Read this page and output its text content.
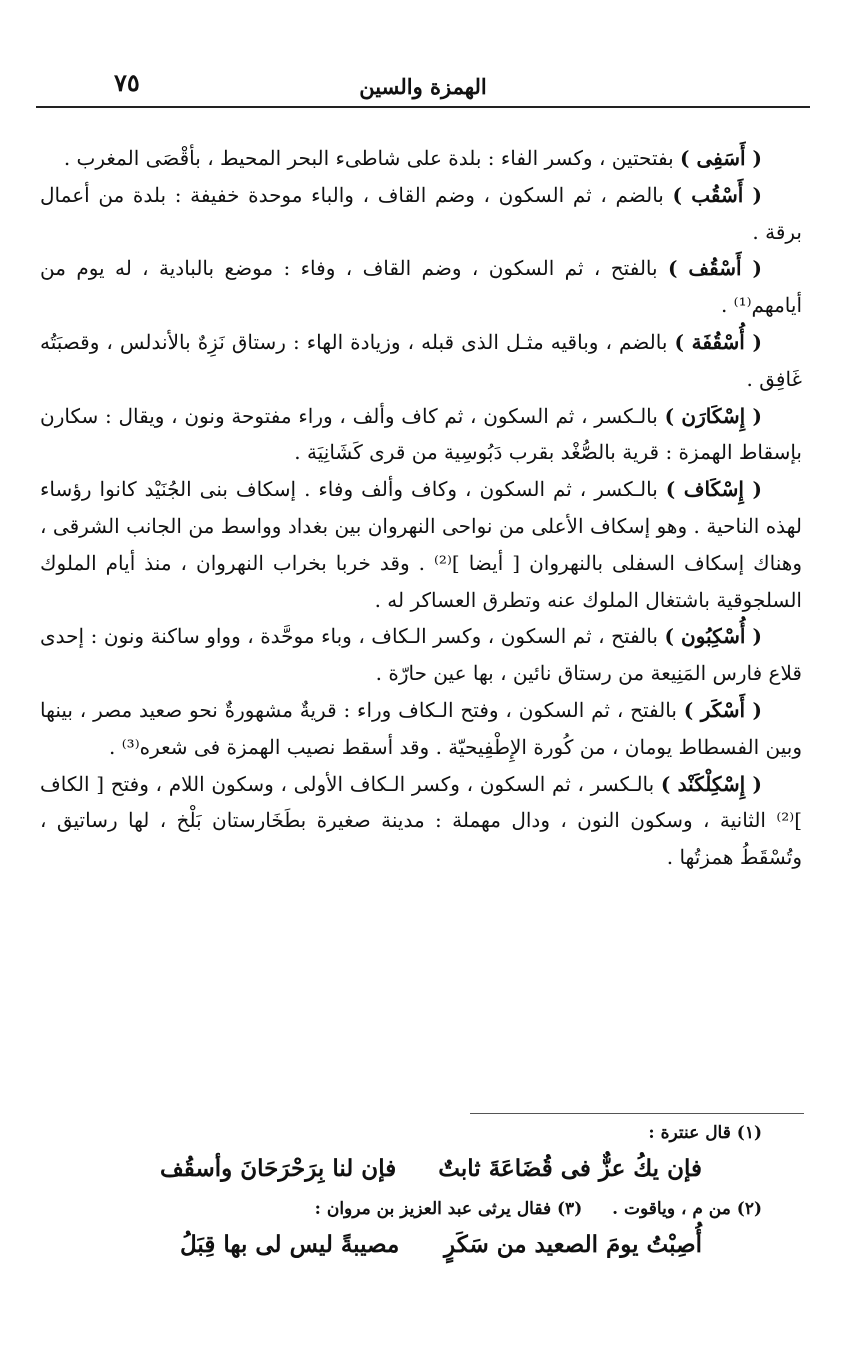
٧٥	الهمزة والسين

( أَسَفِى ) بفتحتين ، وكسر الفاء : بلدة على شاطىء البحر المحيط ، بأقْصَى المغرب .

( أَسْقُب ) بالضم ، ثم السكون ، وضم القاف ، والباء موحدة خفيفة : بلدة من أعمال برقة .

( أَسْقُف ) بالفتح ، ثم السكون ، وضم القاف ، وفاء : موضع بالبادية ، له يوم من أيامهم⁽¹⁾ .

( أُسْقُفَة ) بالضم ، وباقيه مثـل الذى قبله ، وزيادة الهاء : رستاق نَزِهٌ بالأندلس ، وقصبَتُه غَافِق .

( إِسْكَارَن ) بالـكسر ، ثم السكون ، ثم كاف وألف ، وراء مفتوحة ونون ، ويقال : سكارن بإسقاط الهمزة : قرية بالصُّغْد بقرب دَبُوسِية من قرى كَشَانِيَة .

( إِسْكَاف ) بالـكسر ، ثم السكون ، وكاف وألف وفاء . إسكاف بنى الجُنَيْد كانوا رؤساء لهذه الناحية . وهو إسكاف الأعلى من نواحى النهروان بين بغداد وواسط من الجانب الشرقى ، وهناك إسكاف السفلى بالنهروان [ أيضا ]⁽²⁾ . وقد خربا بخراب النهروان ، منذ أيام الملوك السلجوقية باشتغال الملوك عنه وتطرق العساكر له .

( أُسْكِبُون ) بالفتح ، ثم السكون ، وكسر الـكاف ، وباء موحَّدة ، وواو ساكنة ونون : إحدى قلاع فارس المَنِيعة من رستاق نائين ، بها عين حارّة .

( أَسْكَر ) بالفتح ، ثم السكون ، وفتح الـكاف وراء : قريةٌ مشهورةٌ نحو صعيد مصر ، بينها وبين الفسطاط يومان ، من كُورة الإِطْفِيحيّة . وقد أسقط نصيب الهمزة فى شعره⁽³⁾ .

( إِسْكِلْكَنْد ) بالـكسر ، ثم السكون ، وكسر الـكاف الأولى ، وسكون اللام ، وفتح [ الكاف ]⁽²⁾ الثانية ، وسكون النون ، ودال مهملة : مدينة صغيرة بطَخَارستان بَلْخ ، لها رساتيق ، وتُسْقَطُ همزتُها .

(١) قال عنترة :

فإن يكُ عزٌّ فى قُضَاعَةَ ثابتٌ
فإن لنا بِرَحْرَحَانَ وأسقُف

(٢) من م ، وياقوت . (٣) فقال يرثى عبد العزيز بن مروان :

أُصِبْتُ يومَ الصعيد من سَكَرٍ
مصيبةً ليس لى بها قِبَلُ
